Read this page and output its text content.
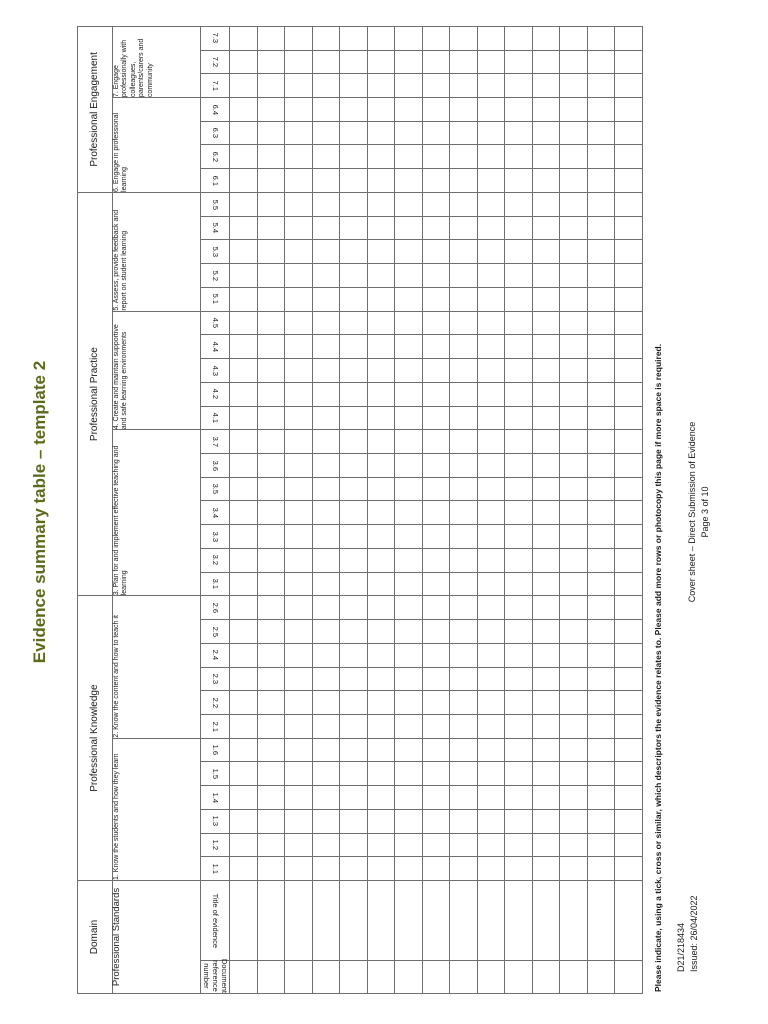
Evidence summary table – template 2
Domain		Professional Knowledge												Professional Practice																	Professional Engagement						
Professional Standards		1. Know the students and how they learn						2. Know the content and how to teach it						3. Plan for and implement effective teaching and learning							4. Create and maintain supportive and safe learning environments					5. Assess, provide feedback and report on student learning					6. Engage in professional learning				7. Engage professionally with colleagues, parents/carers and community		
Document reference number	Title of evidence	1.1	1.2	1.3	1.4	1.5	1.6	2.1	2.2	2.3	2.4	2.5	2.6	3.1	3.2	3.3	3.4	3.5	3.6	3.7	4.1	4.2	4.3	4.4	4.5	5.1	5.2	5.3	5.4	5.5	6.1	6.2	6.3	6.4	7.1	7.2	7.3

Please indicate, using a tick, cross or similar, which descriptors the evidence relates to. Please add more rows or photocopy this page if more space is required. D21/218434 Issued: 26/04/2022
Cover sheet – Direct Submission of Evidence Page 3 of 10
